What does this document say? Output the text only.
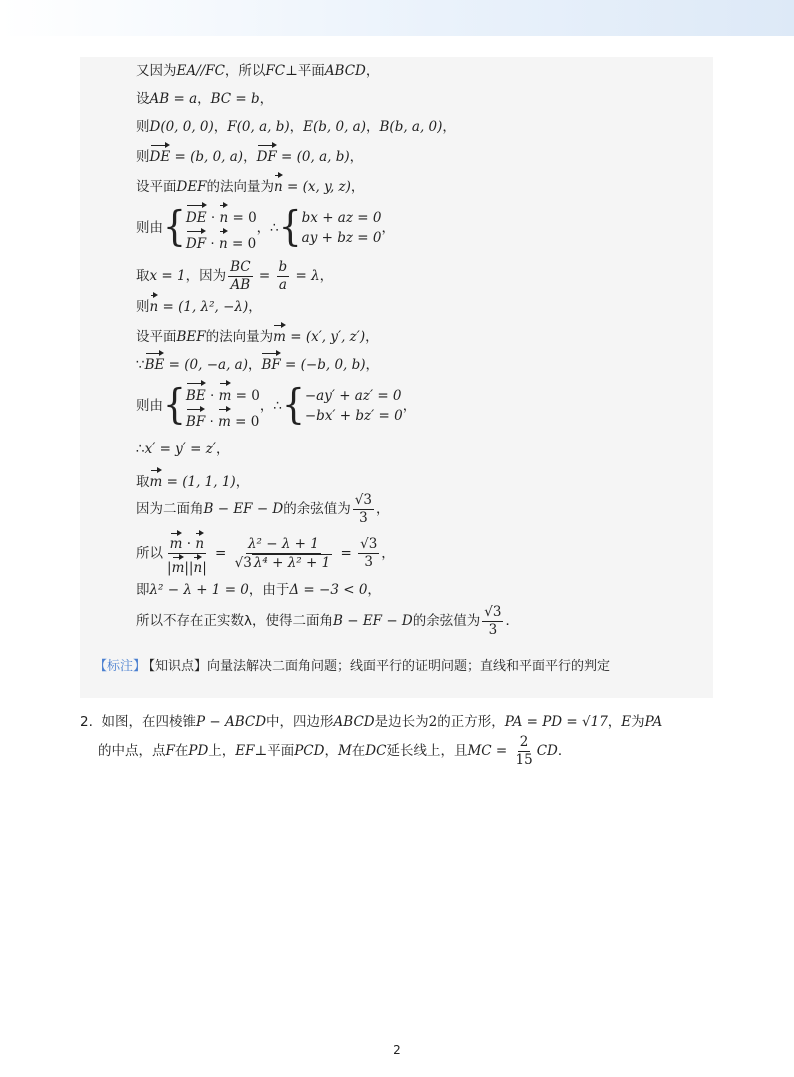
又因为EA//FC，所以FC⊥平面ABCD，
设AB = a，BC = b，
则D(0, 0, 0)，F(0, a, b)，E(b, 0, a)，B(b, a, 0)，
则DE = (b, 0, a)，DF = (0, a, b)，
设平面DEF的法向量为n = (x, y, z)，
则由{ DE · n = 0
DF · n = 0
，∴{ bx + az = 0
ay + bz = 0
，
取x = 1，因为 $\frac{BC}{AB} = \frac{b}{a} = \lambda$，
则n = (1, λ², −λ)，
设平面BEF的法向量为m = (x′, y′, z′)，
∵BE = (0, −a, a)，BF = (−b, 0, b)，
则由{ BE · m = 0
BF · m = 0
，∴{ −ay′ + az′ = 0
−bx′ + bz′ = 0
，
∴x′ = y′ = z′，
取m = (1, 1, 1)，
因为二面角B − EF − D的余弦值为 $\frac{√3}{3}$ ，
所以 $\frac{m \cdot n}{|m||n|} = \frac{\text{λ² − λ + 1}}{\text{√3 λ⁴ + λ² + 1}} = \frac{√3}{3}$ ，
即λ² − λ + 1 = 0，由于Δ = −3 < 0，
所以不存在正实数λ，使得二面角B − EF − D的余弦值为 $\frac{√3}{3}$ ．
【标注】
【知识点】向量法解决二面角问题；线面平行的证明问题；直线和平面平行的判定
2. 如图，在四棱锥P − ABCD中，四边形ABCD是边长为2的正方形，PA = PD = √17，E为PA
的中点，点F在PD上，EF⊥平面PCD，M在DC延长线上，且MC = $\frac{2}{15}$ CD．
2
